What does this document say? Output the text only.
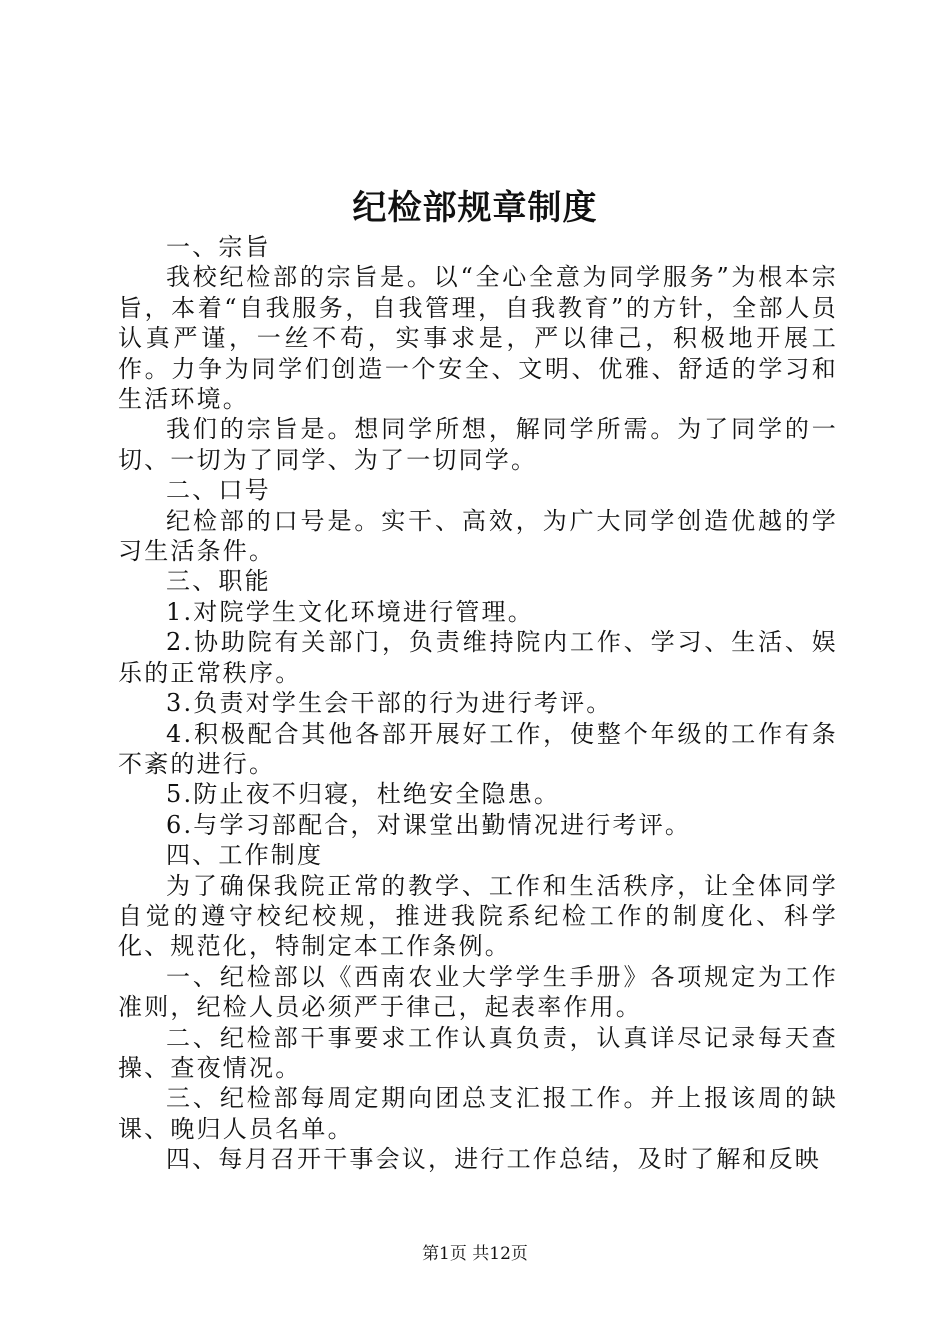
纪检部规章制度

一、宗旨

我校纪检部的宗旨是。以“全心全意为同学服务”为根本宗旨，本着“自我服务，自我管理，自我教育”的方针，全部人员认真严谨，一丝不苟，实事求是，严以律己，积极地开展工作。力争为同学们创造一个安全、文明、优雅、舒适的学习和生活环境。

我们的宗旨是。想同学所想，解同学所需。为了同学的一切、一切为了同学、为了一切同学。

二、口号

纪检部的口号是。实干、高效，为广大同学创造优越的学习生活条件。

三、职能

1.对院学生文化环境进行管理。

2.协助院有关部门，负责维持院内工作、学习、生活、娱乐的正常秩序。

3.负责对学生会干部的行为进行考评。

4.积极配合其他各部开展好工作，使整个年级的工作有条不紊的进行。

5.防止夜不归寝，杜绝安全隐患。

6.与学习部配合，对课堂出勤情况进行考评。

四、工作制度

为了确保我院正常的教学、工作和生活秩序，让全体同学自觉的遵守校纪校规，推进我院系纪检工作的制度化、科学化、规范化，特制定本工作条例。

一、纪检部以《西南农业大学学生手册》各项规定为工作准则，纪检人员必须严于律己，起表率作用。

二、纪检部干事要求工作认真负责，认真详尽记录每天查操、查夜情况。

三、纪检部每周定期向团总支汇报工作。并上报该周的缺课、晚归人员名单。

四、每月召开干事会议，进行工作总结，及时了解和反映

第1页 共12页
